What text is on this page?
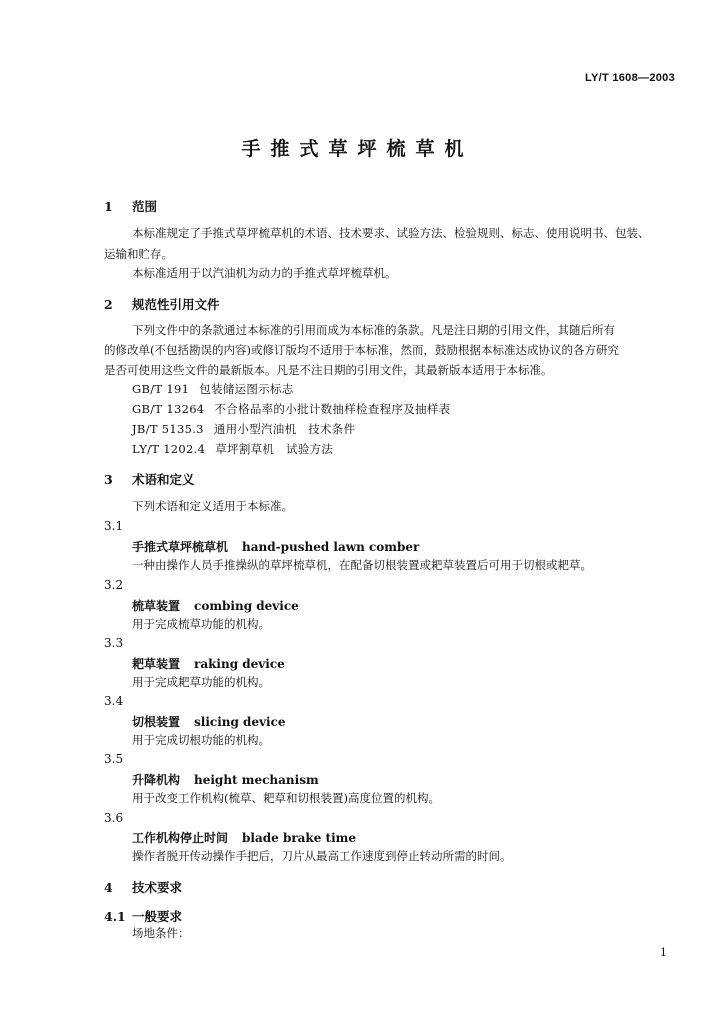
LY/T 1608—2003
手推式草坪梳草机
1 范围
本标准规定了手推式草坪梳草机的术语、技术要求、试验方法、检验规则、标志、使用说明书、包装、
运输和贮存。
本标准适用于以汽油机为动力的手推式草坪梳草机。
2 规范性引用文件
下列文件中的条款通过本标准的引用而成为本标准的条款。凡是注日期的引用文件，其随后所有
的修改单(不包括勘误的内容)或修订版均不适用于本标准，然而，鼓励根据本标准达成协议的各方研究
是否可使用这些文件的最新版本。凡是不注日期的引用文件，其最新版本适用于本标准。
GB/T 191 包装储运图示标志
GB/T 13264 不合格品率的小批计数抽样检查程序及抽样表
JB/T 5135.3 通用小型汽油机　技术条件
LY/T 1202.4 草坪割草机　试验方法
3 术语和定义
下列术语和定义适用于本标准。
3.1
手推式草坪梳草机 hand-pushed lawn comber
一种由操作人员手推操纵的草坪梳草机，在配备切根装置或耙草装置后可用于切根或耙草。
3.2
梳草装置 combing device
用于完成梳草功能的机构。
3.3
耙草装置 raking device
用于完成耙草功能的机构。
3.4
切根装置 slicing device
用于完成切根功能的机构。
3.5
升降机构 height mechanism
用于改变工作机构(梳草、耙草和切根装置)高度位置的机构。
3.6
工作机构停止时间 blade brake time
操作者脱开传动操作手把后，刀片从最高工作速度到停止转动所需的时间。
4 技术要求
4.1 一般要求
场地条件：
1
